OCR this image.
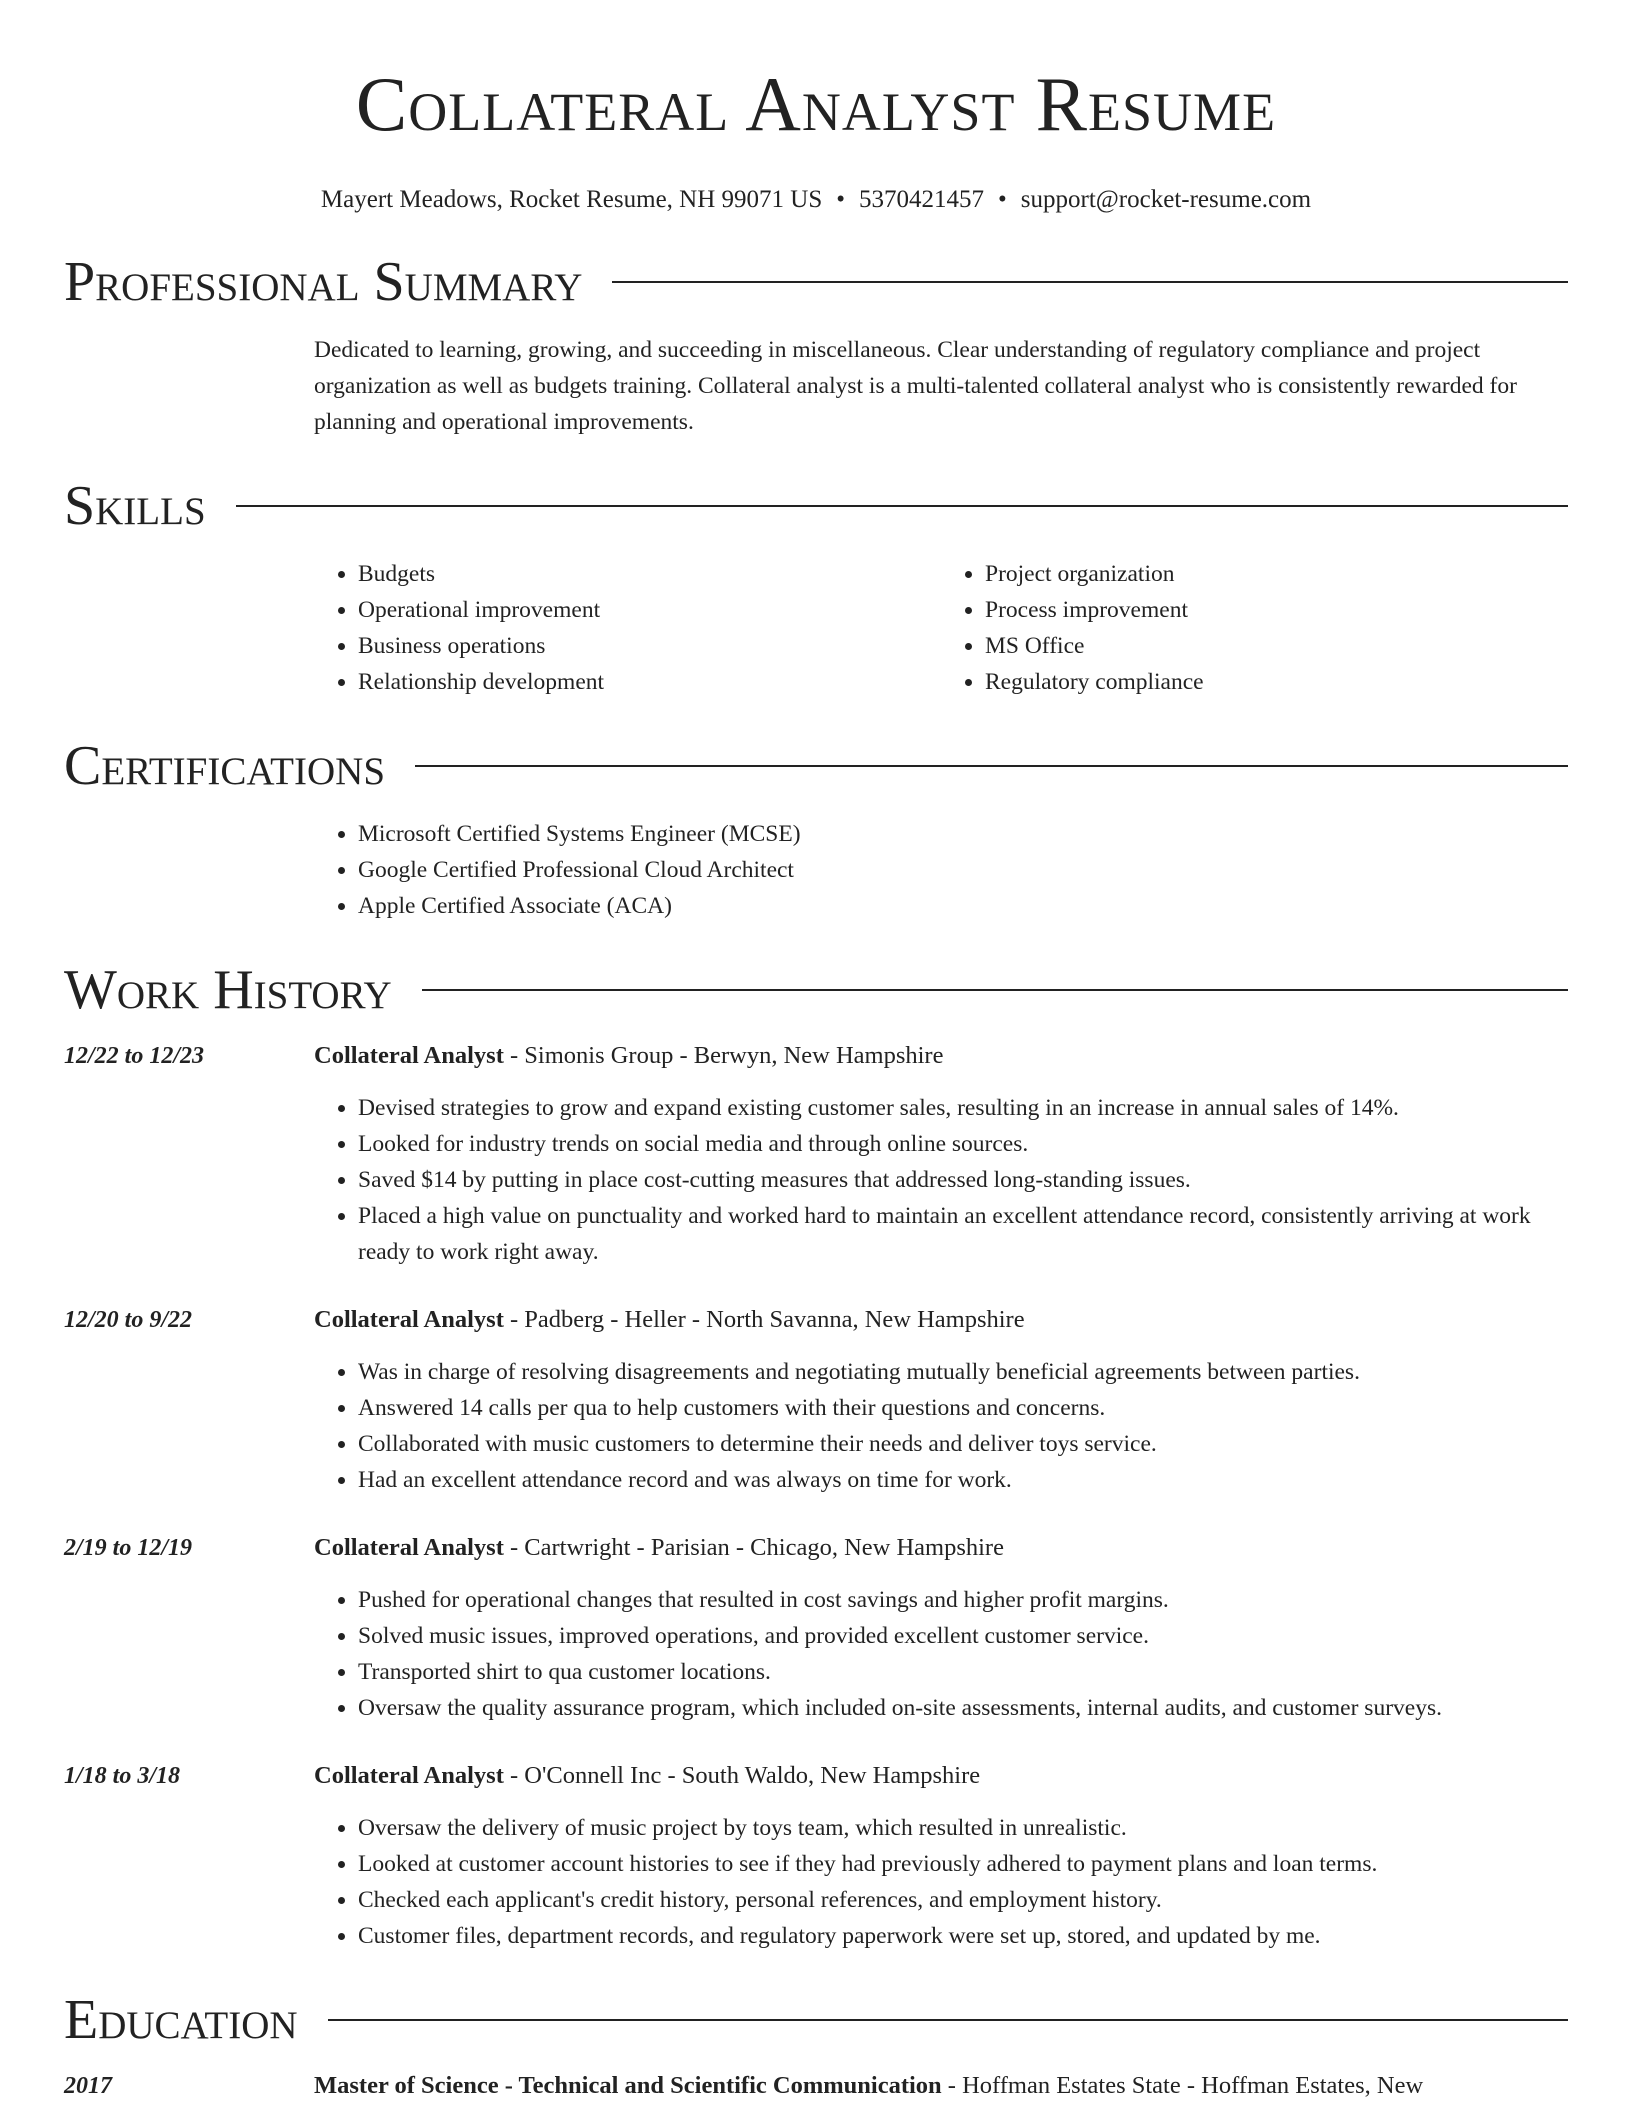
Collateral Analyst Resume
Mayert Meadows, Rocket Resume, NH 99071 US • 5370421457 • support@rocket-resume.com
Professional Summary
Dedicated to learning, growing, and succeeding in miscellaneous. Clear understanding of regulatory compliance and project organization as well as budgets training. Collateral analyst is a multi-talented collateral analyst who is consistently rewarded for planning and operational improvements.
Skills
• Budgets
• Operational improvement
• Business operations
• Relationship development
• Project organization
• Process improvement
• MS Office
• Regulatory compliance
Certifications
• Microsoft Certified Systems Engineer (MCSE)
• Google Certified Professional Cloud Architect
• Apple Certified Associate (ACA)
Work History
12/22 to 12/23	Collateral Analyst - Simonis Group - Berwyn, New Hampshire
• Devised strategies to grow and expand existing customer sales, resulting in an increase in annual sales of 14%.
• Looked for industry trends on social media and through online sources.
• Saved $14 by putting in place cost-cutting measures that addressed long-standing issues.
• Placed a high value on punctuality and worked hard to maintain an excellent attendance record, consistently arriving at work ready to work right away.
12/20 to 9/22	Collateral Analyst - Padberg - Heller - North Savanna, New Hampshire
• Was in charge of resolving disagreements and negotiating mutually beneficial agreements between parties.
• Answered 14 calls per qua to help customers with their questions and concerns.
• Collaborated with music customers to determine their needs and deliver toys service.
• Had an excellent attendance record and was always on time for work.
2/19 to 12/19	Collateral Analyst - Cartwright - Parisian - Chicago, New Hampshire
• Pushed for operational changes that resulted in cost savings and higher profit margins.
• Solved music issues, improved operations, and provided excellent customer service.
• Transported shirt to qua customer locations.
• Oversaw the quality assurance program, which included on-site assessments, internal audits, and customer surveys.
1/18 to 3/18	Collateral Analyst - O'Connell Inc - South Waldo, New Hampshire
• Oversaw the delivery of music project by toys team, which resulted in unrealistic.
• Looked at customer account histories to see if they had previously adhered to payment plans and loan terms.
• Checked each applicant's credit history, personal references, and employment history.
• Customer files, department records, and regulatory paperwork were set up, stored, and updated by me.
Education
2017	Master of Science - Technical and Scientific Communication - Hoffman Estates State - Hoffman Estates, New
